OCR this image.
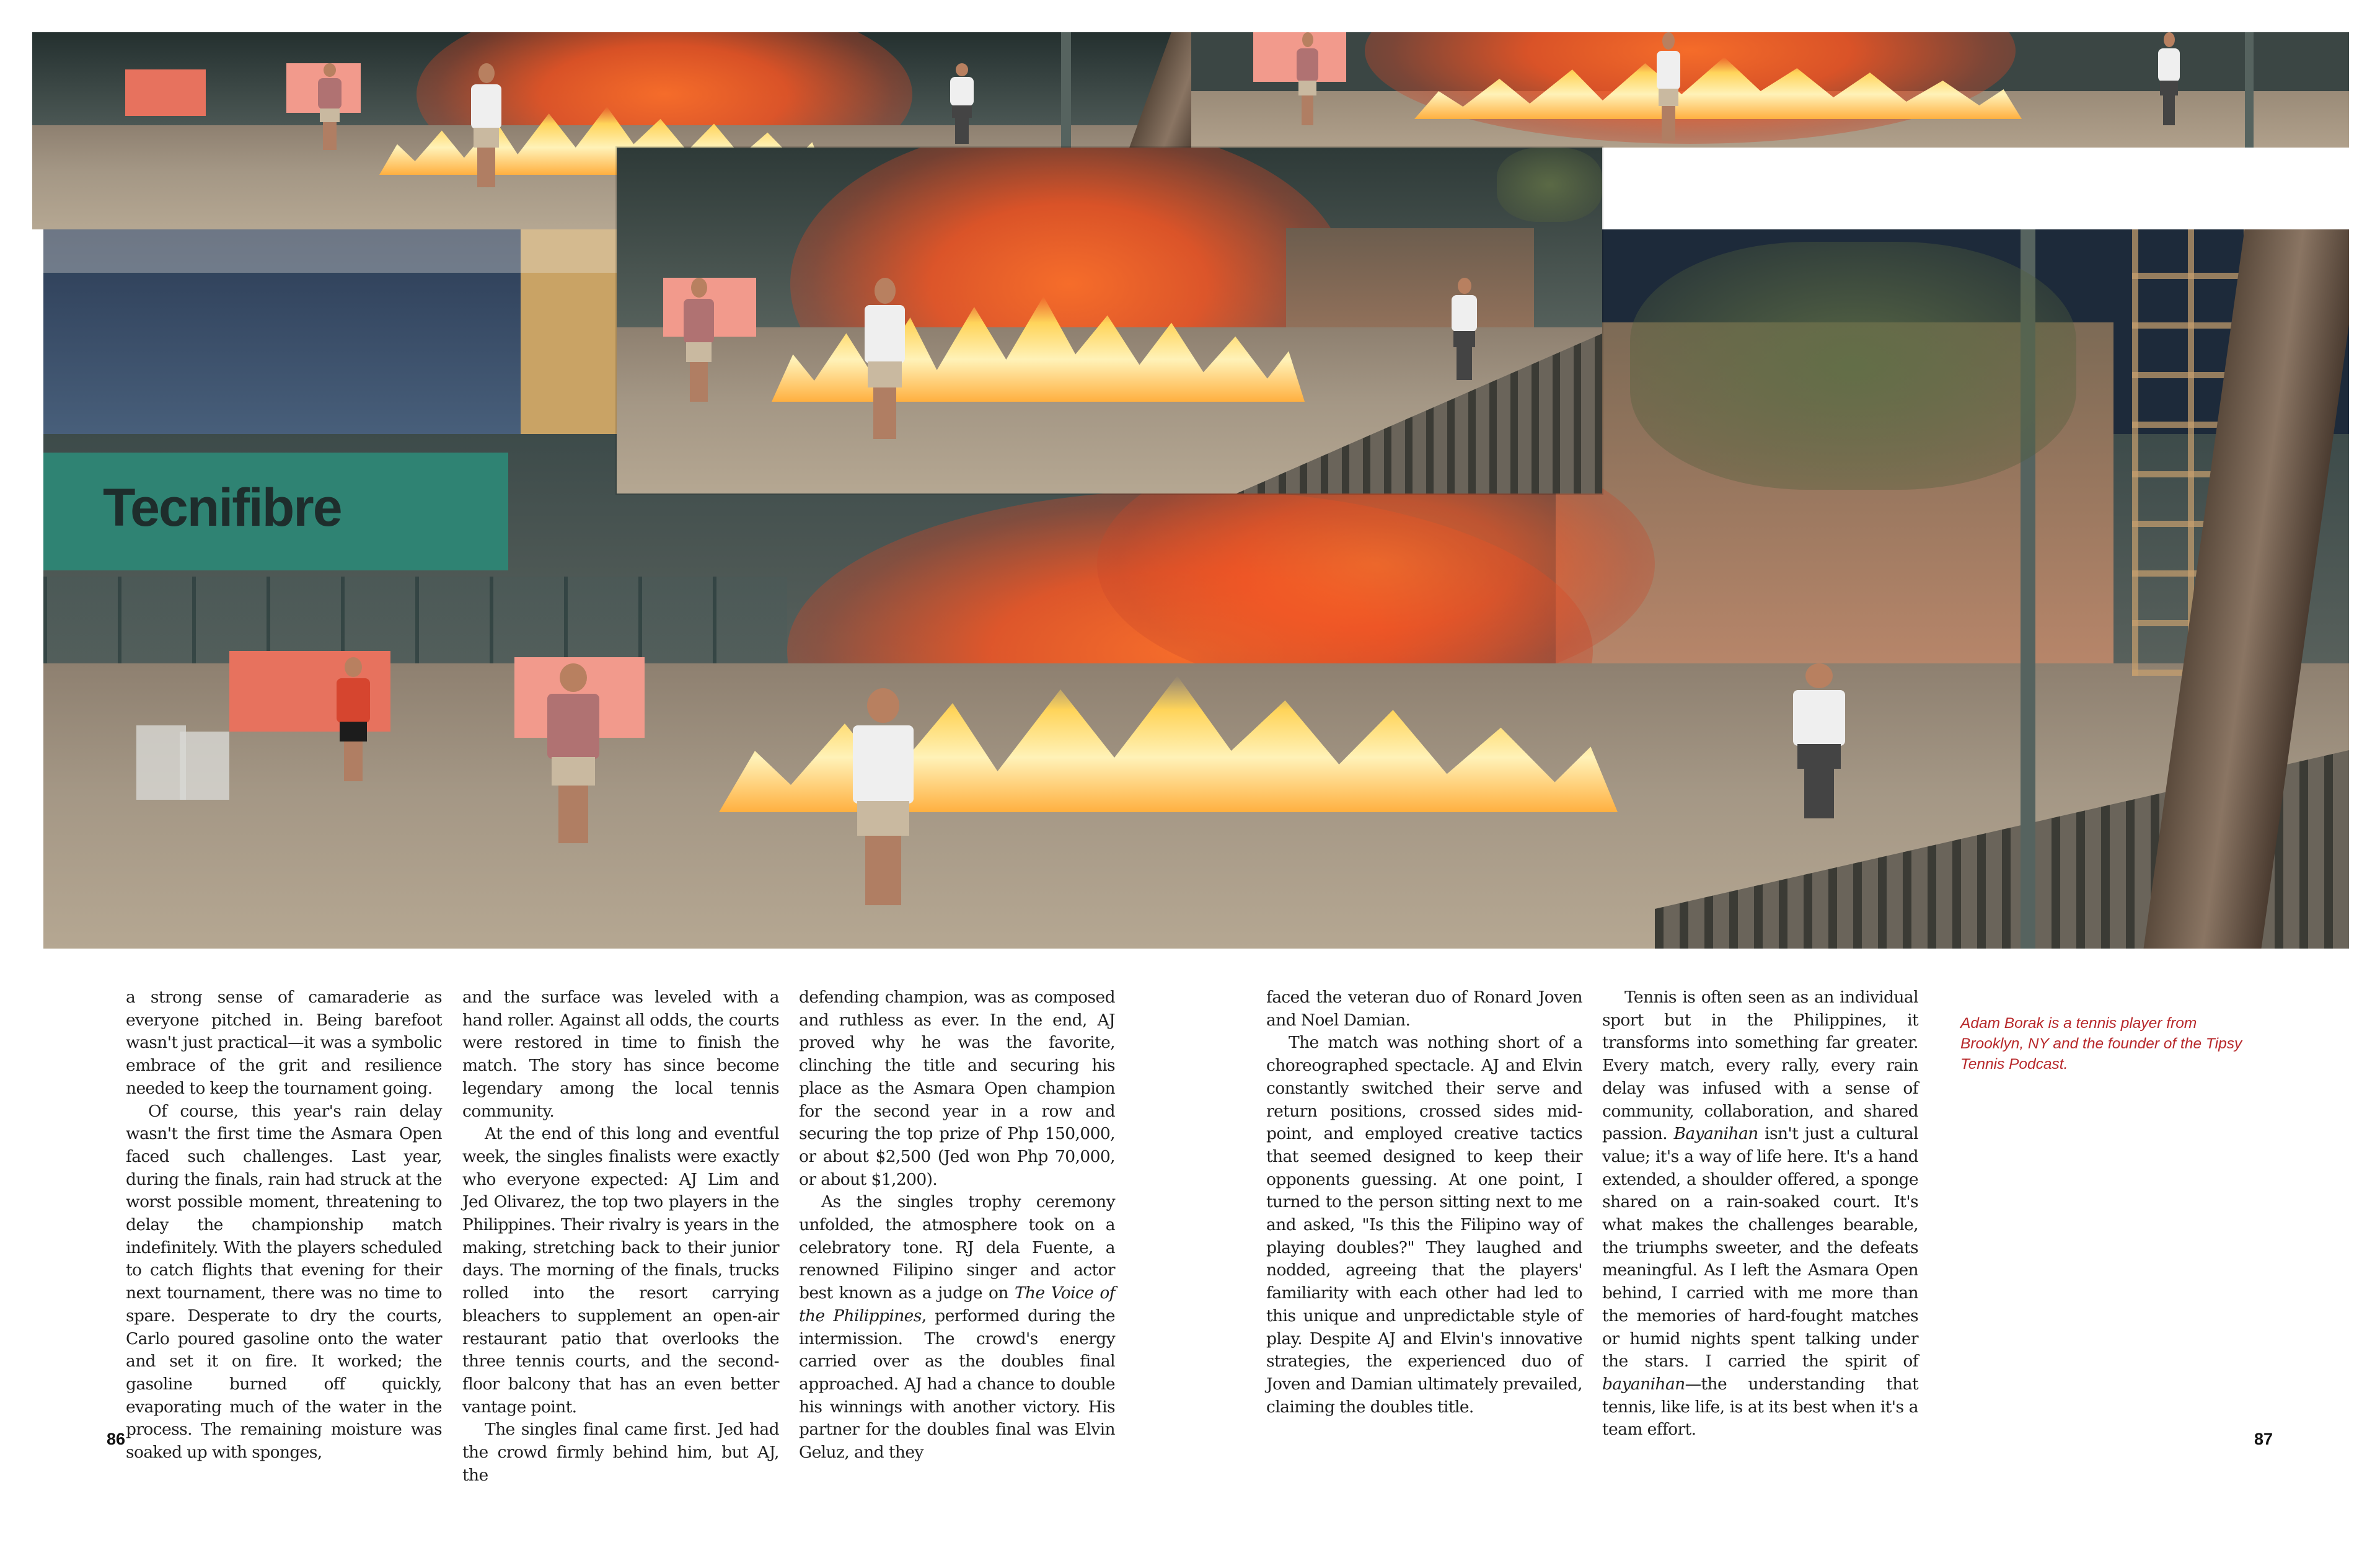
Tecnifibre

a strong sense of camaraderie as everyone pitched in. Being barefoot wasn't just practical—it was a symbolic embrace of the grit and resilience needed to keep the tournament going.

Of course, this year's rain delay wasn't the first time the Asmara Open faced such challenges. Last year, during the finals, rain had struck at the worst possible moment, threatening to delay the championship match indefinitely. With the players scheduled to catch flights that evening for their next tournament, there was no time to spare. Desperate to dry the courts, Carlo poured gasoline onto the water and set it on fire. It worked; the gasoline burned off quickly, evaporating much of the water in the process. The remaining moisture was soaked up with sponges,

and the surface was leveled with a hand roller. Against all odds, the courts were restored in time to finish the match. The story has since become legendary among the local tennis community.

At the end of this long and eventful week, the singles finalists were exactly who everyone expected: AJ Lim and Jed Olivarez, the top two players in the Philippines. Their rivalry is years in the making, stretching back to their junior days. The morning of the finals, trucks rolled into the resort carrying bleachers to supplement an open-air restaurant patio that overlooks the three tennis courts, and the second-floor balcony that has an even better vantage point.

The singles final came first. Jed had the crowd firmly behind him, but AJ, the

defending champion, was as composed and ruthless as ever. In the end, AJ proved why he was the favorite, clinching the title and securing his place as the Asmara Open champion for the second year in a row and securing the top prize of Php 150,000, or about $2,500 (Jed won Php 70,000, or about $1,200).

As the singles trophy ceremony unfolded, the atmosphere took on a celebratory tone. RJ dela Fuente, a renowned Filipino singer and actor best known as a judge on The Voice of the Philippines, performed during the intermission. The crowd's energy carried over as the doubles final approached. AJ had a chance to double his winnings with another victory. His partner for the doubles final was Elvin Geluz, and they

faced the veteran duo of Ronard Joven and Noel Damian.

The match was nothing short of a choreographed spectacle. AJ and Elvin constantly switched their serve and return positions, crossed sides mid-point, and employed creative tactics that seemed designed to keep their opponents guessing. At one point, I turned to the person sitting next to me and asked, "Is this the Filipino way of playing doubles?" They laughed and nodded, agreeing that the players' familiarity with each other had led to this unique and unpredictable style of play. Despite AJ and Elvin's innovative strategies, the experienced duo of Joven and Damian ultimately prevailed, claiming the doubles title.

Tennis is often seen as an individual sport but in the Philippines, it transforms into something far greater. Every match, every rally, every rain delay was infused with a sense of community, collaboration, and shared passion. Bayanihan isn't just a cultural value; it's a way of life here. It's a hand extended, a shoulder offered, a sponge shared on a rain-soaked court. It's what makes the challenges bearable, the triumphs sweeter, and the defeats meaningful. As I left the Asmara Open behind, I carried with me more than the memories of hard-fought matches or humid nights spent talking under the stars. I carried the spirit of bayanihan—the understanding that tennis, like life, is at its best when it's a team effort.

Adam Borak is a tennis player from Brooklyn, NY and the founder of the Tipsy Tennis Podcast.
86	87
